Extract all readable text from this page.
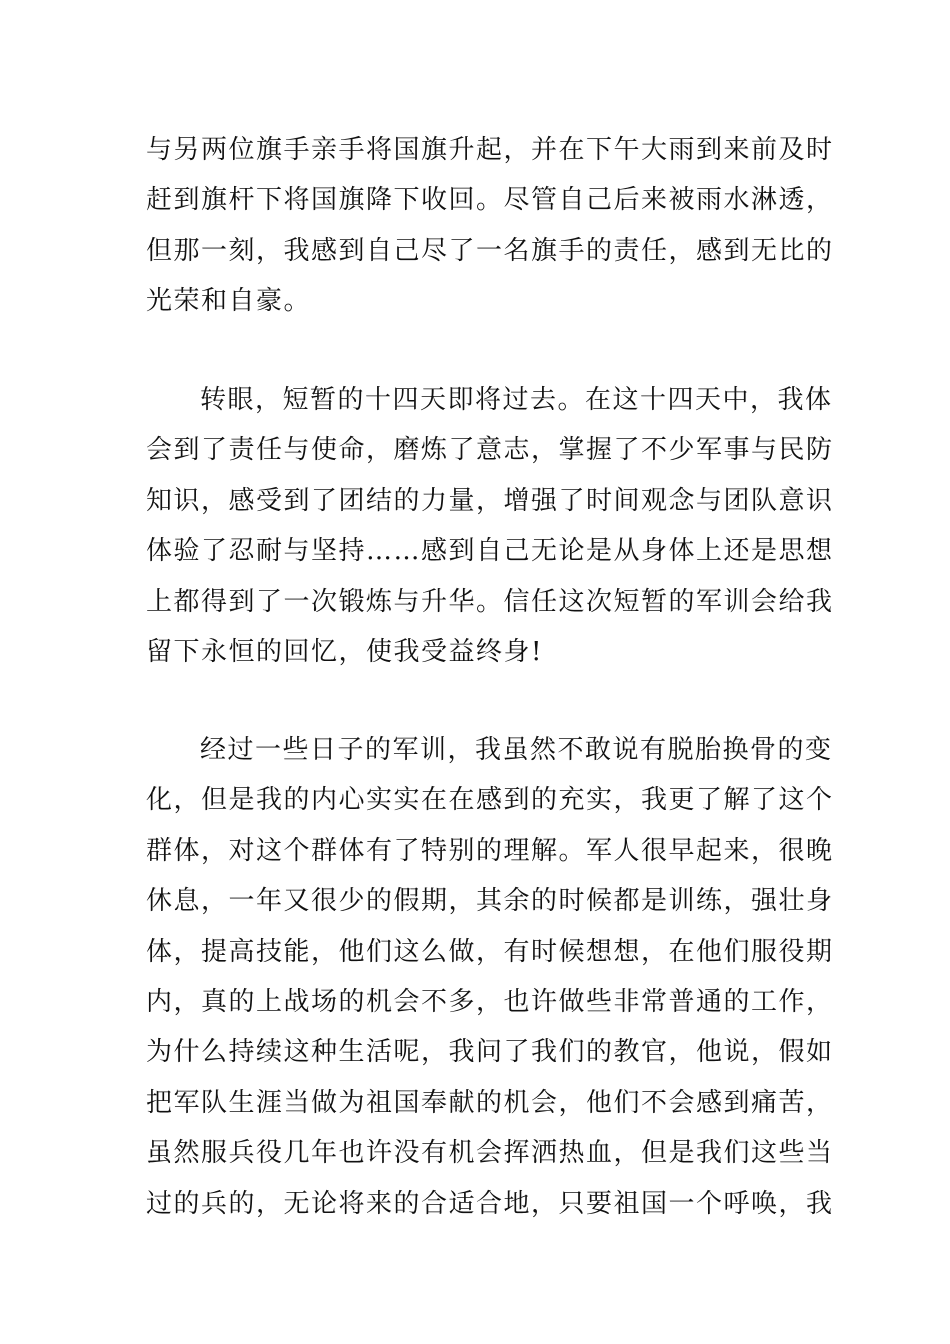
与另两位旗手亲手将国旗升起，并在下午大雨到来前及时
赶到旗杆下将国旗降下收回。尽管自己后来被雨水淋透，
但那一刻，我感到自己尽了一名旗手的责任，感到无比的
光荣和自豪。
转眼，短暂的十四天即将过去。在这十四天中，我体
会到了责任与使命，磨炼了意志，掌握了不少军事与民防
知识，感受到了团结的力量，增强了时间观念与团队意识
体验了忍耐与坚持……感到自己无论是从身体上还是思想
上都得到了一次锻炼与升华。信任这次短暂的军训会给我
留下永恒的回忆，使我受益终身!
经过一些日子的军训，我虽然不敢说有脱胎换骨的变
化，但是我的内心实实在在感到的充实，我更了解了这个
群体，对这个群体有了特别的理解。军人很早起来，很晚
休息，一年又很少的假期，其余的时候都是训练，强壮身
体，提高技能，他们这么做，有时候想想，在他们服役期
内，真的上战场的机会不多，也许做些非常普通的工作，
为什么持续这种生活呢，我问了我们的教官，他说，假如
把军队生涯当做为祖国奉献的机会，他们不会感到痛苦，
虽然服兵役几年也许没有机会挥洒热血，但是我们这些当
过的兵的，无论将来的合适合地，只要祖国一个呼唤，我
